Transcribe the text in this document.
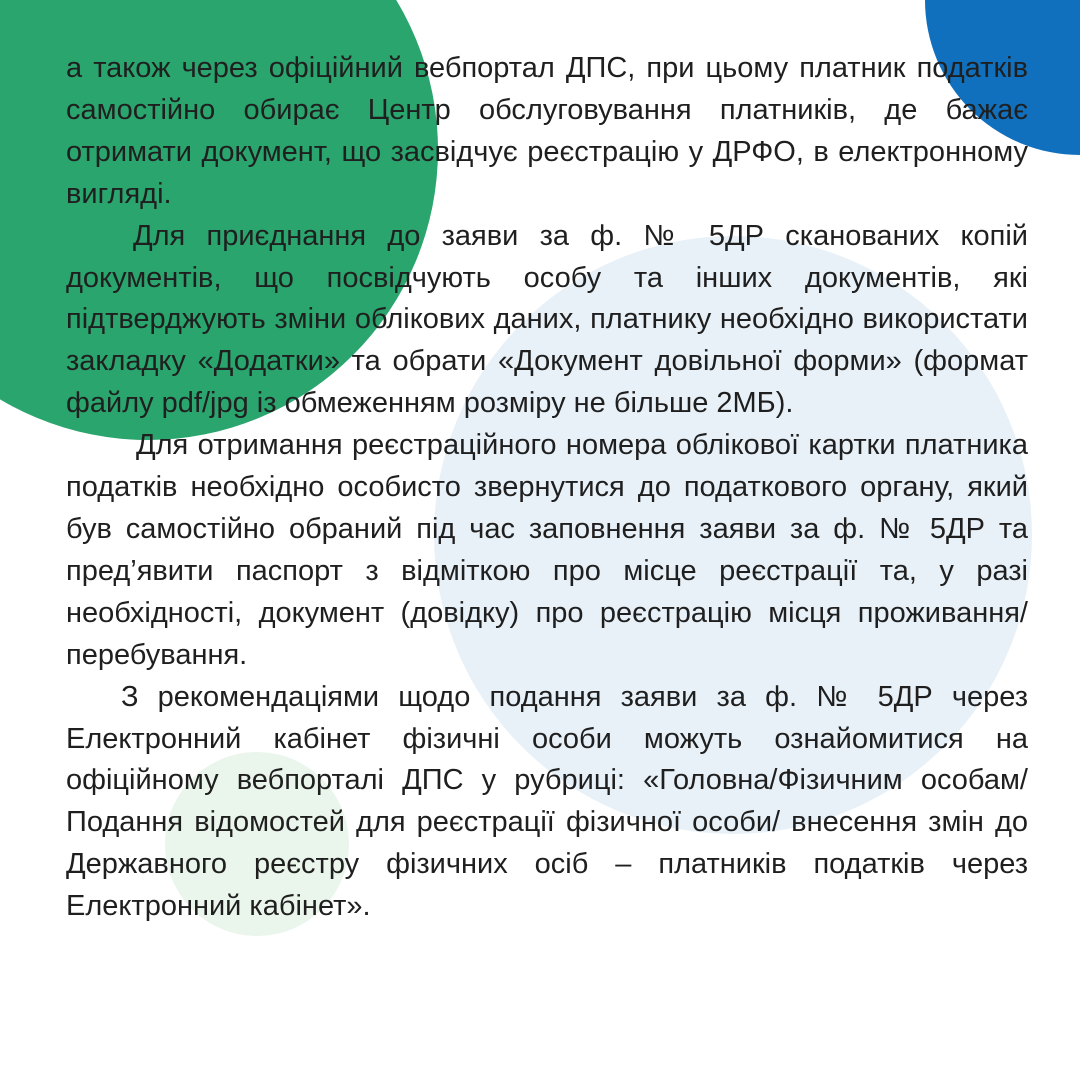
а також через офіційний вебпортал ДПС, при цьому платник податків самостійно обирає Центр обслуговування платників, де бажає отримати документ, що засвідчує реєстрацію у ДРФО, в електронному вигляді.

Для приєднання до заяви за ф. № 5ДР сканованих копій документів, що посвідчують особу та інших документів, які підтверджують зміни облікових даних, платнику необхідно використати закладку «Додатки» та обрати «Документ довільної форми» (формат файлу pdf/jpg із обмеженням розміру не більше 2МБ).

Для отримання реєстраційного номера облікової картки платника податків необхідно особисто звернутися до податкового органу, який був самостійно обраний під час заповнення заяви за ф. № 5ДР та пред’явити паспорт з відміткою про місце реєстрації та, у разі необхідності, документ (довідку) про реєстрацію місця проживання/перебування.

З рекомендаціями щодо подання заяви за ф. № 5ДР через Електронний кабінет фізичні особи можуть ознайомитися на офіційному вебпорталі ДПС у рубриці: «Головна/Фізичним особам/Подання відомостей для реєстрації фізичної особи/ внесення змін до Державного реєстру фізичних осіб – платників податків через Електронний кабінет».
